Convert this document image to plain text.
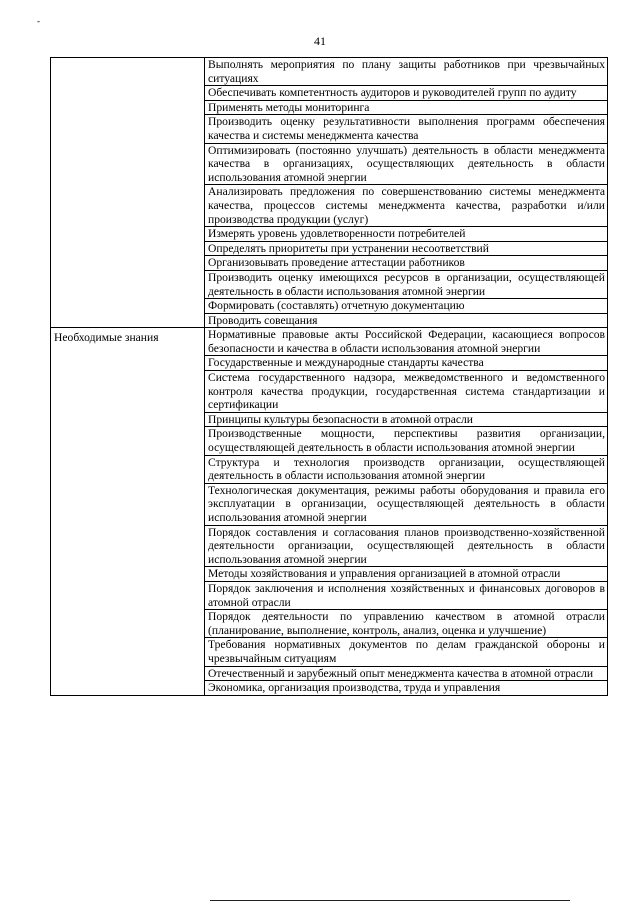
-
41
	Выполнять мероприятия по плану защиты работников при чрезвычайных ситуациях
	Обеспечивать компетентность аудиторов и руководителей групп по аудиту
	Применять методы мониторинга
	Производить оценку результативности выполнения программ обеспечения качества и системы менеджмента качества
	Оптимизировать (постоянно улучшать) деятельность в области менеджмента качества в организациях, осуществляющих деятельность в области использования атомной энергии
	Анализировать предложения по совершенствованию системы менеджмента качества, процессов системы менеджмента качества, разработки и/или производства продукции (услуг)
	Измерять уровень удовлетворенности потребителей
	Определять приоритеты при устранении несоответствий
	Организовывать проведение аттестации работников
	Производить оценку имеющихся ресурсов в организации, осуществляющей деятельность в области использования атомной энергии
	Формировать (составлять) отчетную документацию
	Проводить совещания
Необходимые знания	Нормативные правовые акты Российской Федерации, касающиеся вопросов безопасности и качества в области использования атомной энергии
	Государственные и международные стандарты качества
	Система государственного надзора, межведомственного и ведомственного контроля качества продукции, государственная система стандартизации и сертификации
	Принципы культуры безопасности в атомной отрасли
	Производственные мощности, перспективы развития организации, осуществляющей деятельность в области использования атомной энергии
	Структура и технология производств организации, осуществляющей деятельность в области использования атомной энергии
	Технологическая документация, режимы работы оборудования и правила его эксплуатации в организации, осуществляющей деятельность в области использования атомной энергии
	Порядок составления и согласования планов производственно-хозяйственной деятельности организации, осуществляющей деятельность в области использования атомной энергии
	Методы хозяйствования и управления организацией в атомной отрасли
	Порядок заключения и исполнения хозяйственных и финансовых договоров в атомной отрасли
	Порядок деятельности по управлению качеством в атомной отрасли (планирование, выполнение, контроль, анализ, оценка и улучшение)
	Требования нормативных документов по делам гражданской обороны и чрезвычайным ситуациям
	Отечественный и зарубежный опыт менеджмента качества в атомной отрасли
	Экономика, организация производства, труда и управления
